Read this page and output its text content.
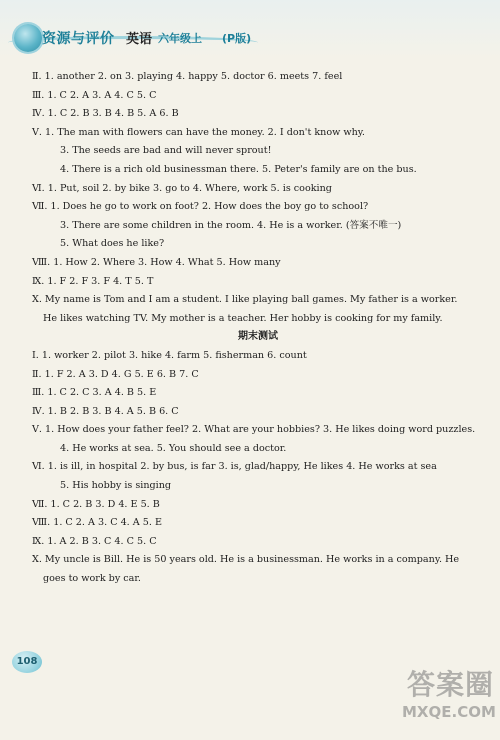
资源与评价 英语 六年级上 (P版)
Ⅱ. 1. another 2. on 3. playing 4. happy 5. doctor 6. meets 7. feel
Ⅲ. 1. C 2. A 3. A 4. C 5. C
Ⅳ. 1. C 2. B 3. B 4. B 5. A 6. B
Ⅴ. 1. The man with flowers can have the money. 2. I don't know why.
3. The seeds are bad and will never sprout!
4. There is a rich old businessman there. 5. Peter's family are on the bus.
Ⅵ. 1. Put, soil 2. by bike 3. go to 4. Where, work 5. is cooking
Ⅶ. 1. Does he go to work on foot? 2. How does the boy go to school?
3. There are some children in the room. 4. He is a worker. (答案不唯一)
5. What does he like?
Ⅷ. 1. How 2. Where 3. How 4. What 5. How many
Ⅸ. 1. F 2. F 3. F 4. T 5. T
Ⅹ. My name is Tom and I am a student. I like playing ball games. My father is a worker.
He likes watching TV. My mother is a teacher. Her hobby is cooking for my family.
期末测试
Ⅰ. 1. worker 2. pilot 3. hike 4. farm 5. fisherman 6. count
Ⅱ. 1. F 2. A 3. D 4. G 5. E 6. B 7. C
Ⅲ. 1. C 2. C 3. A 4. B 5. E
Ⅳ. 1. B 2. B 3. B 4. A 5. B 6. C
Ⅴ. 1. How does your father feel? 2. What are your hobbies? 3. He likes doing word puzzles.
4. He works at sea. 5. You should see a doctor.
Ⅵ. 1. is ill, in hospital 2. by bus, is far 3. is, glad/happy, He likes 4. He works at sea
5. His hobby is singing
Ⅶ. 1. C 2. B 3. D 4. E 5. B
Ⅷ. 1. C 2. A 3. C 4. A 5. E
Ⅸ. 1. A 2. B 3. C 4. C 5. C
Ⅹ. My uncle is Bill. He is 50 years old. He is a businessman. He works in a company. He
goes to work by car.
108
答案圈
MXQE.COM
